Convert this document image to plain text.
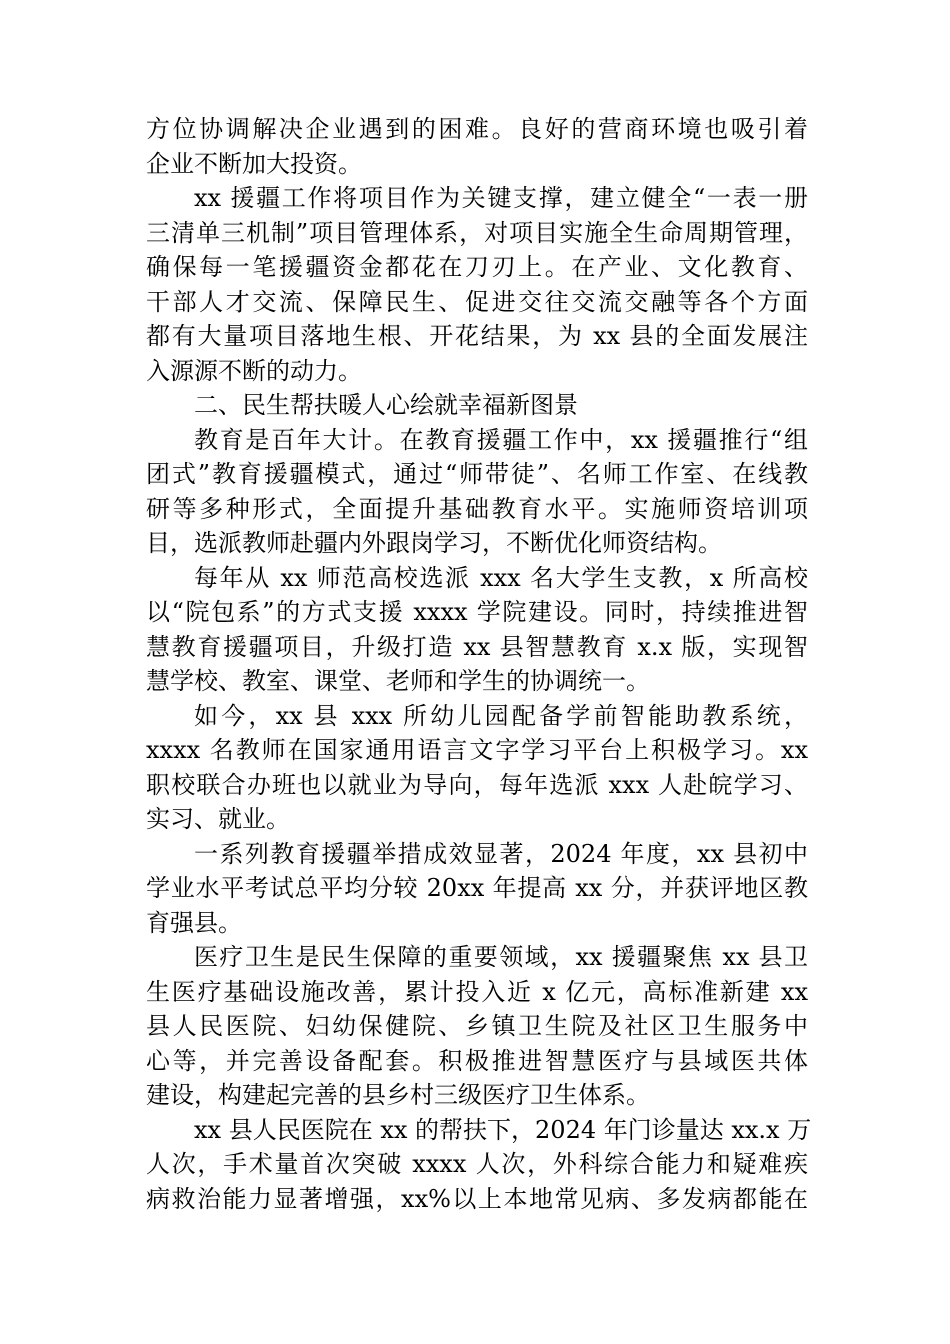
方位协调解决企业遇到的困难。良好的营商环境也吸引着
企业不断加大投资。
xx 援疆工作将项目作为关键支撑，建立健全“一表一册
三清单三机制”项目管理体系，对项目实施全生命周期管理，
确保每一笔援疆资金都花在刀刃上。在产业、文化教育、
干部人才交流、保障民生、促进交往交流交融等各个方面
都有大量项目落地生根、开花结果，为 xx 县的全面发展注
入源源不断的动力。
二、民生帮扶暖人心绘就幸福新图景
教育是百年大计。在教育援疆工作中，xx 援疆推行“组
团式”教育援疆模式，通过“师带徒”、名师工作室、在线教
研等多种形式，全面提升基础教育水平。实施师资培训项
目，选派教师赴疆内外跟岗学习，不断优化师资结构。
每年从 xx 师范高校选派 xxx 名大学生支教，x 所高校
以“院包系”的方式支援 xxxx 学院建设。同时，持续推进智
慧教育援疆项目，升级打造 xx 县智慧教育 x.x 版，实现智
慧学校、教室、课堂、老师和学生的协调统一。
如今，xx 县 xxx 所幼儿园配备学前智能助教系统，
xxxx 名教师在国家通用语言文字学习平台上积极学习。xx
职校联合办班也以就业为导向，每年选派 xxx 人赴皖学习、
实习、就业。
一系列教育援疆举措成效显著，2024 年度，xx 县初中
学业水平考试总平均分较 20xx 年提高 xx 分，并获评地区教
育强县。
医疗卫生是民生保障的重要领域，xx 援疆聚焦 xx 县卫
生医疗基础设施改善，累计投入近 x 亿元，高标准新建 xx
县人民医院、妇幼保健院、乡镇卫生院及社区卫生服务中
心等，并完善设备配套。积极推进智慧医疗与县域医共体
建设，构建起完善的县乡村三级医疗卫生体系。
xx 县人民医院在 xx 的帮扶下，2024 年门诊量达 xx.x 万
人次，手术量首次突破 xxxx 人次，外科综合能力和疑难疾
病救治能力显著增强，xx%以上本地常见病、多发病都能在
